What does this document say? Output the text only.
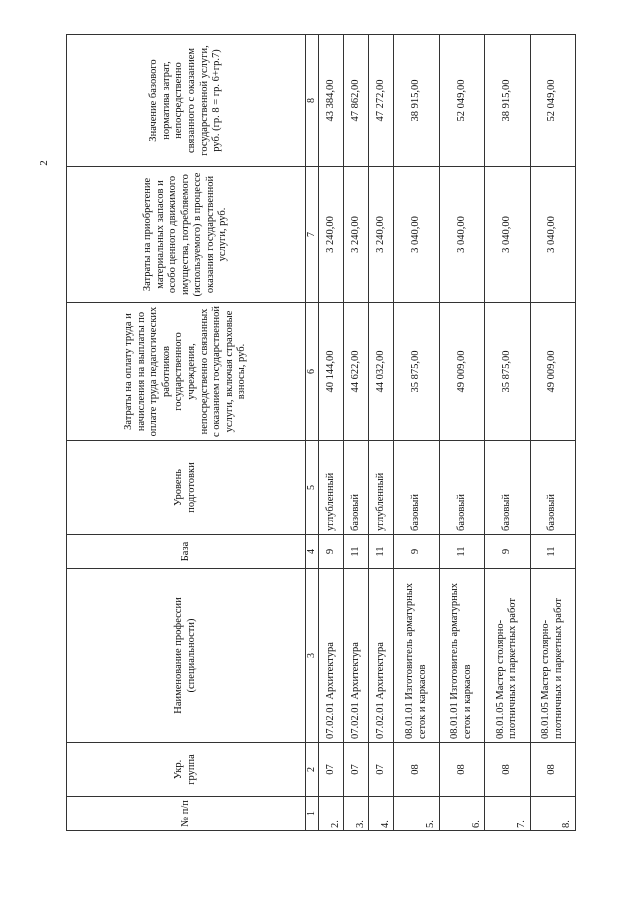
2
№ п/п	Укр. группа	Наименование профессии (специальности)	База	Уровень подготовки	Затраты на оплату труда и начисления на выплаты по оплате труда педагогических работников государственного учреждения, непосредственно связанных с оказанием государственной услуги, включая страховые взносы, руб.	Затраты на приобретение материальных запасов и особо ценного движимого имущества, потребляемого (используемого) в процессе оказания государственной услуги, руб.	Значение базового норматива затрат, непосредственно связанного с оказанием государственной услуги, руб. (гр. 8 = гр. 6+гр.7)
1	2	3	4	5	6	7	8
2.	07	07.02.01 Архитектура	9	углубленный	40 144,00	3 240,00	43 384,00
3.	07	07.02.01 Архитектура	11	базовый	44 622,00	3 240,00	47 862,00
4.	07	07.02.01 Архитектура	11	углубленный	44 032,00	3 240,00	47 272,00
5.	08	08.01.01 Изготовитель арматурных сеток и каркасов	9	базовый	35 875,00	3 040,00	38 915,00
6.	08	08.01.01 Изготовитель арматурных сеток и каркасов	11	базовый	49 009,00	3 040,00	52 049,00
7.	08	08.01.05 Мастер столярно-плотничных и паркетных работ	9	базовый	35 875,00	3 040,00	38 915,00
8.	08	08.01.05 Мастер столярно-плотничных и паркетных работ	11	базовый	49 009,00	3 040,00	52 049,00
